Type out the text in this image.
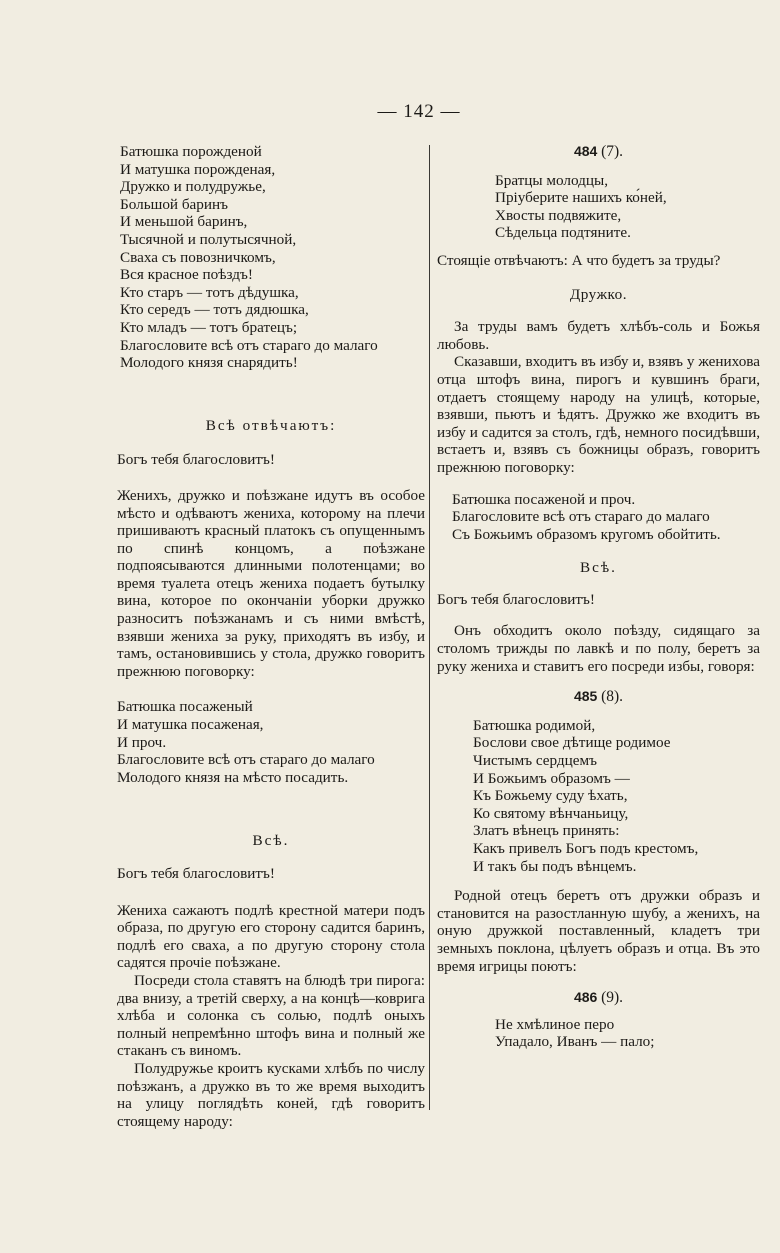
— 142 —
Батюшка порожденой
И матушка порожденая,
Дружко и полудружье,
Большой баринъ
И меньшой баринъ,
Тысячной и полутысячной,
Сваха съ повозничкомъ,
Вся красное поѣздъ!
Кто старъ — тотъ дѣдушка,
Кто середъ — тотъ дядюшка,
Кто младъ — тотъ братецъ;
Благословите всѣ отъ стараго до малаго
Молодого князя снарядить!
Всѣ отвѣчаютъ:
Богъ тебя благословитъ!

Женихъ, дружко и поѣзжане идутъ въ особое мѣсто и одѣваютъ жениха, которому на плечи пришиваютъ красный платокъ съ опущеннымъ по спинѣ концомъ, а поѣзжане подпоясываются длинными полотенцами; во время туалета отецъ жениха подаетъ бутылку вина, которое по окончаніи уборки дружко разноситъ поѣзжанамъ и съ ними вмѣстѣ, взявши жениха за руку, приходятъ въ избу, и тамъ, остановившись у стола, дружко говоритъ прежнюю поговорку:

Батюшка посаженый
И матушка посаженая,
И проч.
Благословите всѣ отъ стараго до малаго
Молодого князя на мѣсто посадить.
Всѣ.
Богъ тебя благословитъ!

Жениха сажаютъ подлѣ крестной матери подъ образа, по другую его сторону садится баринъ, подлѣ его сваха, а по другую сторону стола садятся прочіе поѣзжане.

Посреди стола ставятъ на блюдѣ три пирога: два внизу, а третій сверху, а на концѣ—коврига хлѣба и солонка съ солью, подлѣ оныхъ полный непремѣнно штофъ вина и полный же стаканъ съ виномъ.

Полудружье кроитъ кусками хлѣбъ по числу поѣзжанъ, а дружко въ то же время выходитъ на улицу поглядѣть коней, гдѣ говоритъ стоящему народу:

484 (7).
Братцы молодцы,
Пріуберите нашихъ ко́ней,
Хвосты подвяжите,
Сѣдельца подтяните.
Стоящіе отвѣчаютъ: А что будетъ за труды?
Дружко.

За труды вамъ будетъ хлѣбъ-соль и Божья любовь.

Сказавши, входитъ въ избу и, взявъ у женихова отца штофъ вина, пирогъ и кувшинъ браги, отдаетъ стоящему народу на улицѣ, которые, взявши, пьютъ и ѣдятъ. Дружко же входитъ въ избу и садится за столъ, гдѣ, немного посидѣвши, встаетъ и, взявъ съ божницы образъ, говоритъ прежнюю поговорку:

Батюшка посаженой и проч.
Благословите всѣ отъ стараго до малаго
Съ Божьимъ образомъ кругомъ обойтить.
Всѣ.
Богъ тебя благословитъ!

Онъ обходитъ около поѣзду, сидящаго за столомъ трижды по лавкѣ и по полу, беретъ за руку жениха и ставитъ его посреди избы, говоря:

485 (8).
Батюшка родимой,
Бослови свое дѣтище родимое
Чистымъ сердцемъ
И Божьимъ образомъ —
Къ Божьему суду ѣхать,
Ко святому вѣнчаньицу,
Златъ вѣнецъ принять:
Какъ привелъ Богъ подъ крестомъ,
И такъ бы подъ вѣнцемъ.

Родной отецъ беретъ отъ дружки образъ и становится на разостланную шубу, а жениxъ, на оную дружкой поставленный, кладетъ три земныхъ поклона, цѣлуетъ образъ и отца. Въ это время игрицы поютъ:

486 (9).
Не хмѣлиное перо
Упадало, Иванъ — пало;
